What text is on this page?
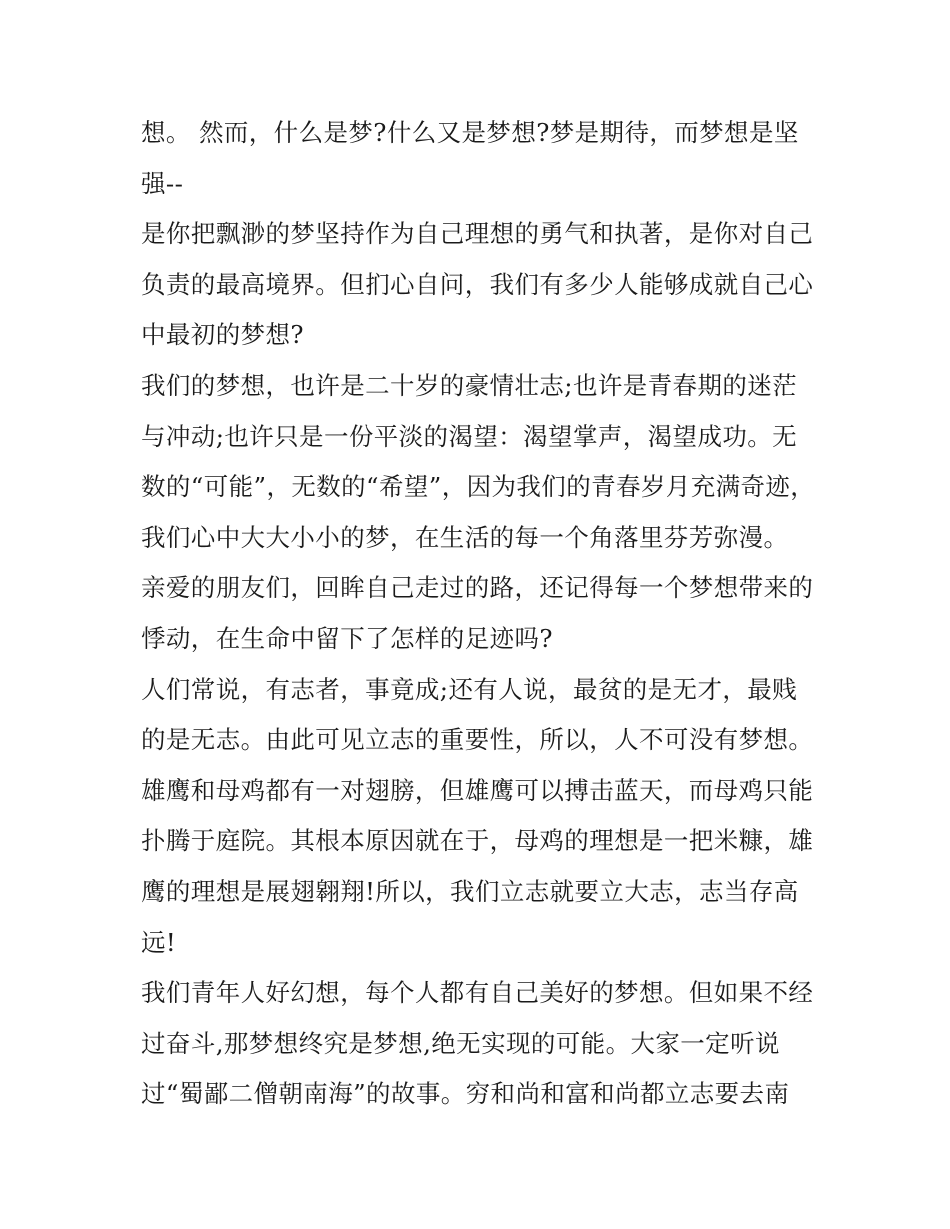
想。 然而，什么是梦?什么又是梦想?梦是期待，而梦想是坚
强--
是你把飘渺的梦坚持作为自己理想的勇气和执著，是你对自己
负责的最高境界。但扪心自问，我们有多少人能够成就自己心
中最初的梦想?
我们的梦想，也许是二十岁的豪情壮志;也许是青春期的迷茫
与冲动;也许只是一份平淡的渴望：渴望掌声，渴望成功。无
数的“可能”，无数的“希望”，因为我们的青春岁月充满奇迹，
我们心中大大小小的梦，在生活的每一个角落里芬芳弥漫。
亲爱的朋友们，回眸自己走过的路，还记得每一个梦想带来的
悸动，在生命中留下了怎样的足迹吗?
人们常说，有志者，事竟成;还有人说，最贫的是无才，最贱
的是无志。由此可见立志的重要性，所以，人不可没有梦想。
雄鹰和母鸡都有一对翅膀，但雄鹰可以搏击蓝天，而母鸡只能
扑腾于庭院。其根本原因就在于，母鸡的理想是一把米糠，雄
鹰的理想是展翅翱翔!所以，我们立志就要立大志，志当存高
远!
我们青年人好幻想，每个人都有自己美好的梦想。但如果不经
过奋斗,那梦想终究是梦想,绝无实现的可能。大家一定听说
过“蜀鄙二僧朝南海”的故事。穷和尚和富和尚都立志要去南
